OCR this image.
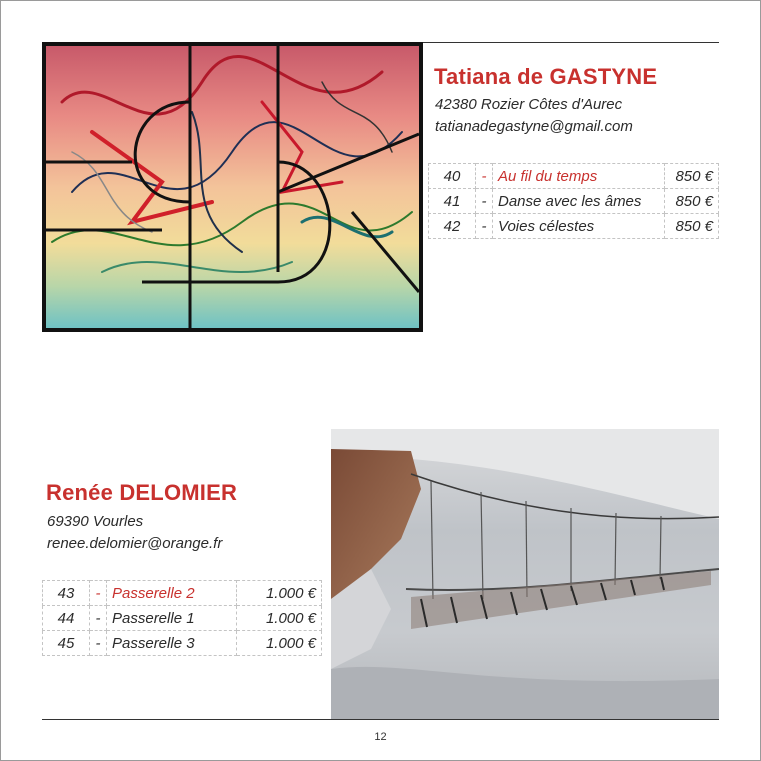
Tatiana de GASTYNE
42380 Rozier Côtes d'Aurec
tatianadegastyne@gmail.com
40	-	Au fil du temps	850 €
41	-	Danse avec les âmes	850 €
42	-	Voies célestes	850 €
Renée DELOMIER
69390 Vourles
renee.delomier@orange.fr
43	-	Passerelle 2	1.000 €
44	-	Passerelle 1	1.000 €
45	-	Passerelle 3	1.000 €
12
